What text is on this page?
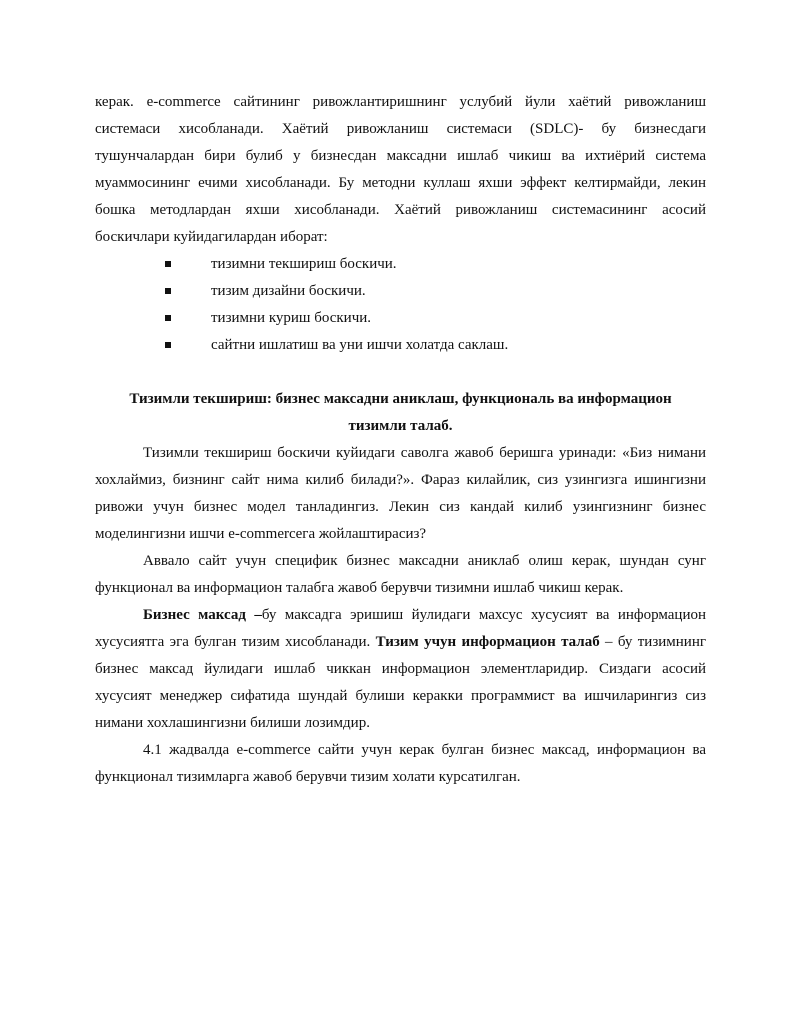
керак. e-commerce сайтининг ривожлантиришнинг услубий йули хаётий ривожланиш системаси хисобланади. Хаётий ривожланиш системаси (SDLC)- бу бизнесдаги тушунчалардан бири булиб у бизнесдан максадни ишлаб чикиш ва ихтиёрий система муаммосининг ечими хисобланади. Бу методни куллаш яхши эффект келтирмайди, лекин бошка методлардан яхши хисобланади. Хаётий ривожланиш системасининг асосий боскичлари куйидагилардан иборат:

тизимни текшириш боскичи.
тизим дизайни боскичи.
тизимни куриш боскичи.
сайтни ишлатиш ва уни ишчи холатда саклаш.
Тизимли текшириш: бизнес максадни аниклаш, функциональ ва информацион
тизимли талаб.

Тизимли текшириш боскичи куйидаги саволга жавоб беришга уринади: «Биз нимани хохлаймиз, бизнинг сайт нима килиб билади?». Фараз килайлик, сиз узингизга ишингизни ривожи учун бизнес модел танладингиз. Лекин сиз кандай килиб узингизнинг бизнес моделингизни ишчи e-commerceга жойлаштирасиз?

Аввало сайт учун специфик бизнес максадни аниклаб олиш керак, шундан сунг функционал ва информацион талабга жавоб берувчи тизимни ишлаб чикиш керак.

Бизнес максад –бу максадга эришиш йулидаги махсус хусусият ва информацион хусусиятга эга булган тизим хисобланади. Тизим учун информацион талаб – бу тизимнинг бизнес максад йулидаги ишлаб чиккан информацион элементларидир. Сиздаги асосий хусусият менеджер сифатида шундай булиши керакки программист ва ишчиларингиз сиз нимани хохлашингизни билиши лозимдир.

4.1 жадвалда e-commerce сайти учун керак булган бизнес максад, информацион ва функционал тизимларга жавоб берувчи тизим холати курсатилган.
